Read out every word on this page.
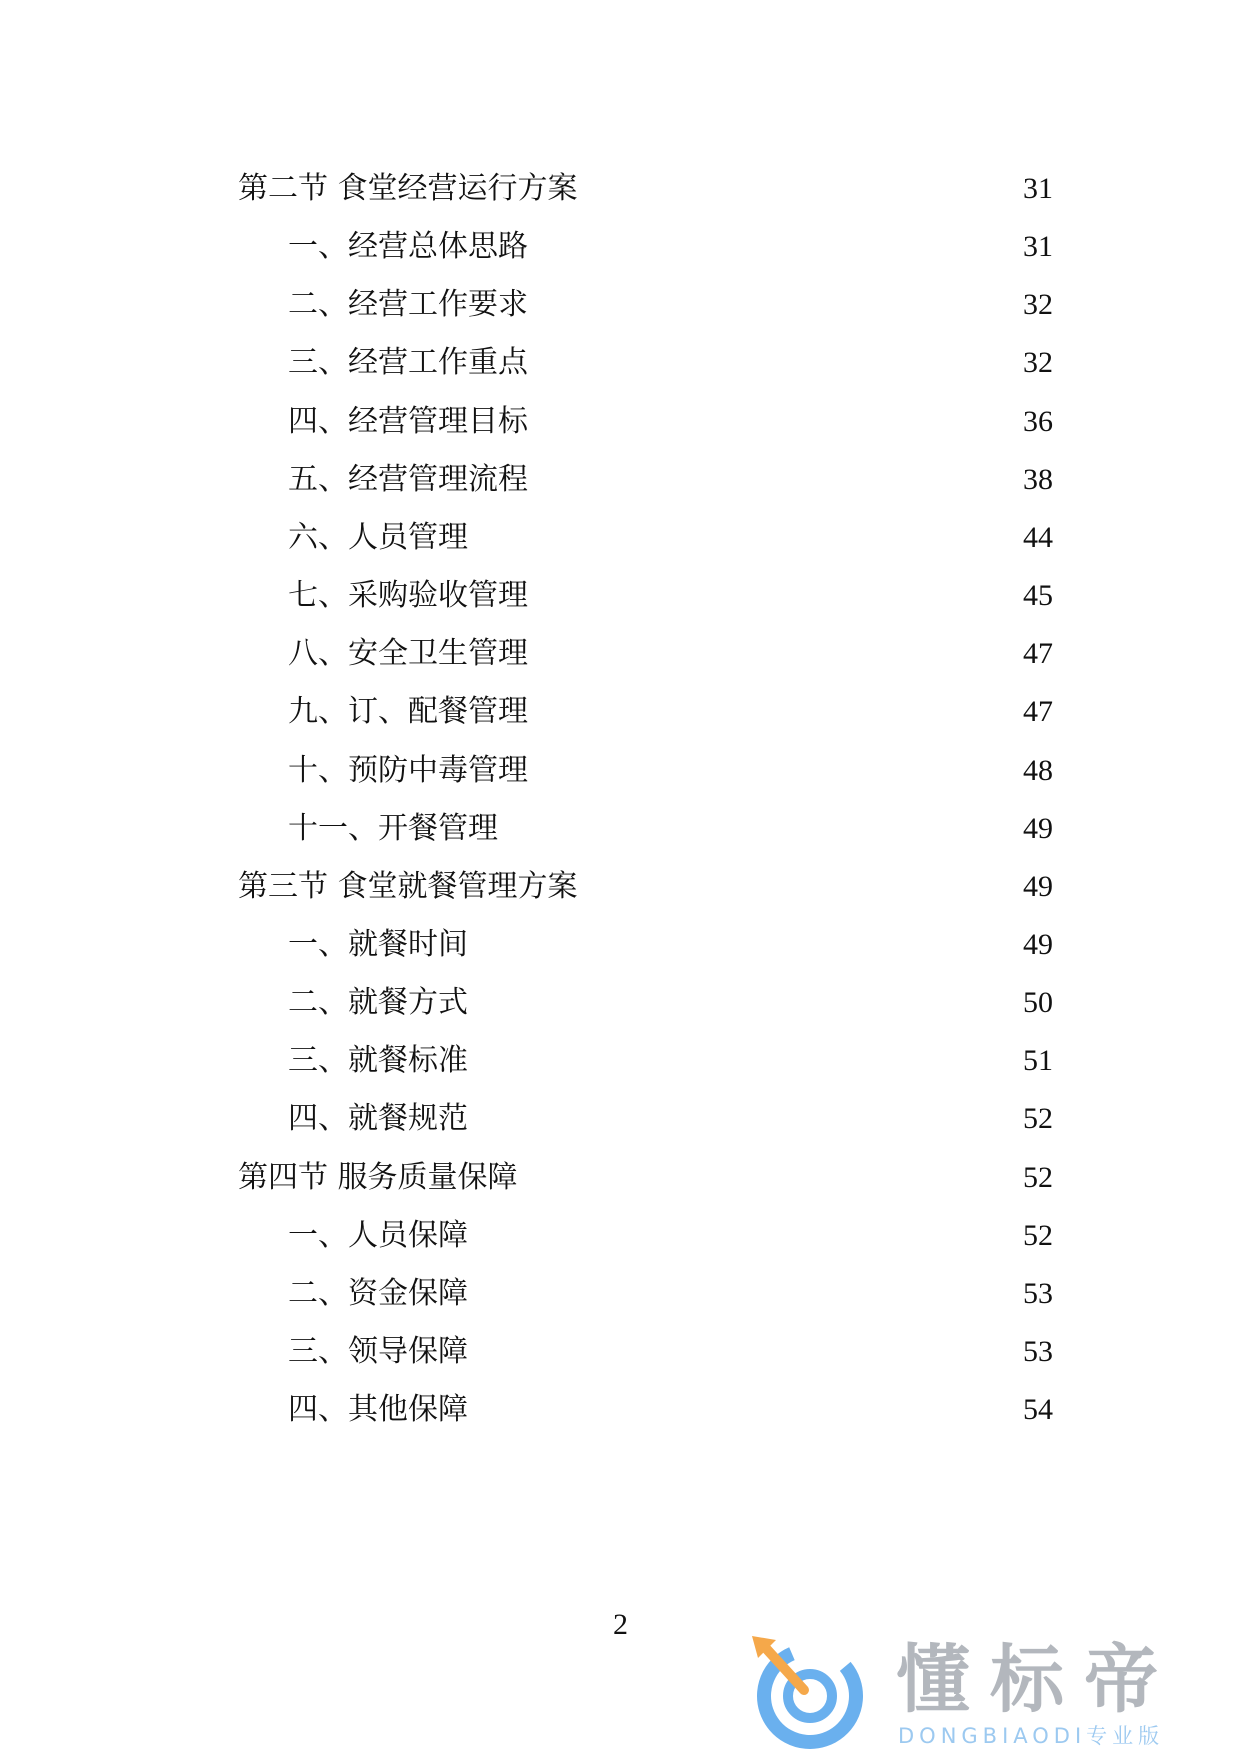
第二节 食堂经营运行方案	31
一、经营总体思路	31
二、经营工作要求	32
三、经营工作重点	32
四、经营管理目标	36
五、经营管理流程	38
六、人员管理	44
七、采购验收管理	45
八、安全卫生管理	47
九、订、配餐管理	47
十、预防中毒管理	48
十一、开餐管理	49
第三节 食堂就餐管理方案	49
一、就餐时间	49
二、就餐方式	50
三、就餐标准	51
四、就餐规范	52
第四节 服务质量保障	52
一、人员保障	52
二、资金保障	53
三、领导保障	53
四、其他保障	54
2
懂标帝
DONGBIAODI专业版
